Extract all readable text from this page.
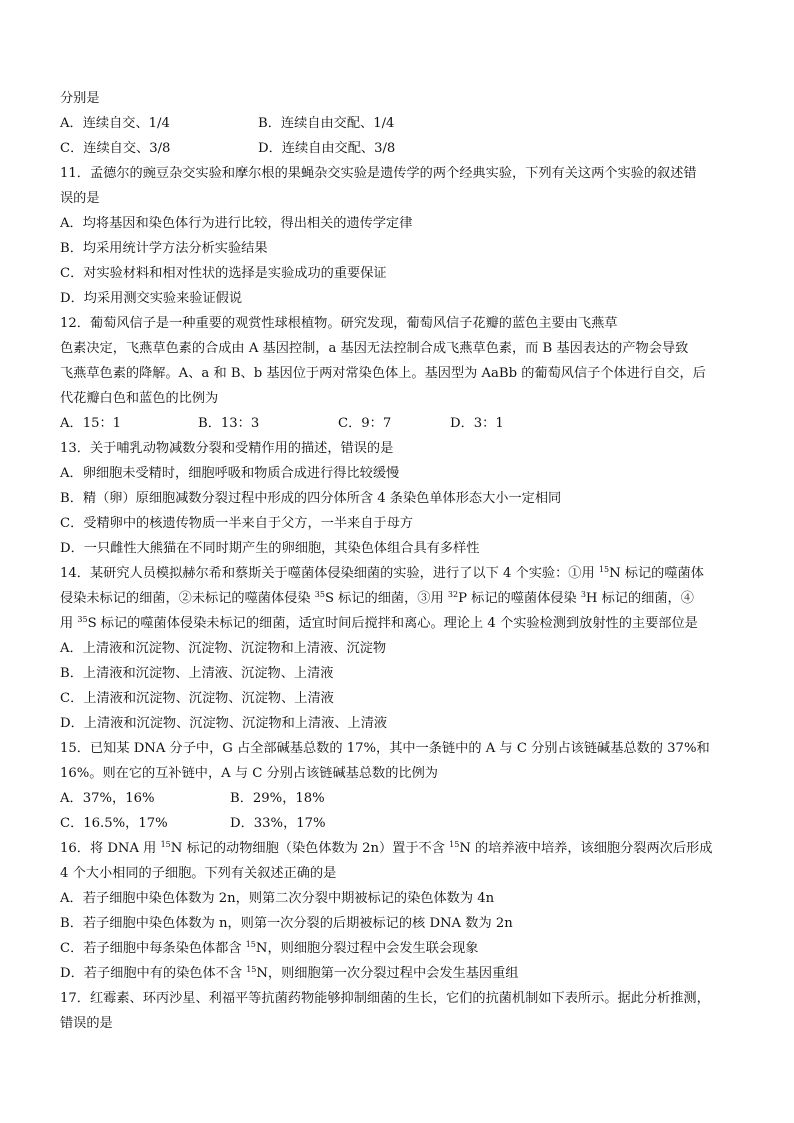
分别是
A．连续自交、1/4	B．连续自由交配、1/4
C．连续自交、3/8	D．连续自由交配、3/8
11．孟德尔的豌豆杂交实验和摩尔根的果蝇杂交实验是遗传学的两个经典实验，下列有关这两个实验的叙述错
误的是
A．均将基因和染色体行为进行比较，得出相关的遗传学定律
B．均采用统计学方法分析实验结果
C．对实验材料和相对性状的选择是实验成功的重要保证
D．均采用测交实验来验证假说
12．葡萄风信子是一种重要的观赏性球根植物。研究发现，葡萄风信子花瓣的蓝色主要由飞燕草
色素决定，飞燕草色素的合成由 A 基因控制，a 基因无法控制合成飞燕草色素，而 B 基因表达的产物会导致
飞燕草色素的降解。A、a 和 B、b 基因位于两对常染色体上。基因型为 AaBb 的葡萄风信子个体进行自交，后
代花瓣白色和蓝色的比例为
A．15：1	B．13：3	C．9：7	D．3：1
13．关于哺乳动物减数分裂和受精作用的描述，错误的是
A．卵细胞未受精时，细胞呼吸和物质合成进行得比较缓慢
B．精（卵）原细胞减数分裂过程中形成的四分体所含 4 条染色单体形态大小一定相同
C．受精卵中的核遗传物质一半来自于父方，一半来自于母方
D．一只雌性大熊猫在不同时期产生的卵细胞，其染色体组合具有多样性
14．某研究人员模拟赫尔希和蔡斯关于噬菌体侵染细菌的实验，进行了以下 4 个实验：①用 $^{15}$N 标记的噬菌体
侵染未标记的细菌，②未标记的噬菌体侵染 $^{35}$S 标记的细菌，③用 $^{32}$P 标记的噬菌体侵染 $^3$H 标记的细菌，④
用 $^{35}$S 标记的噬菌体侵染未标记的细菌，适宜时间后搅拌和离心。理论上 4 个实验检测到放射性的主要部位是
A．上清液和沉淀物、沉淀物、沉淀物和上清液、沉淀物
B．上清液和沉淀物、上清液、沉淀物、上清液
C．上清液和沉淀物、沉淀物、沉淀物、上清液
D．上清液和沉淀物、沉淀物、沉淀物和上清液、上清液
15．已知某 DNA 分子中，G 占全部碱基总数的 17%，其中一条链中的 A 与 C 分别占该链碱基总数的 37%和
16%。则在它的互补链中，A 与 C 分别占该链碱基总数的比例为
A．37%，16%	B．29%，18%
C．16.5%，17%	D．33%，17%
16．将 DNA 用 $^{15}$N 标记的动物细胞（染色体数为 2n）置于不含 $^{15}$N 的培养液中培养，该细胞分裂两次后形成
4 个大小相同的子细胞。下列有关叙述正确的是
A．若子细胞中染色体数为 2n，则第二次分裂中期被标记的染色体数为 4n
B．若子细胞中染色体数为 n，则第一次分裂的后期被标记的核 DNA 数为 2n
C．若子细胞中每条染色体都含 $^{15}$N，则细胞分裂过程中会发生联会现象
D．若子细胞中有的染色体不含 $^{15}$N，则细胞第一次分裂过程中会发生基因重组
17．红霉素、环丙沙星、利福平等抗菌药物能够抑制细菌的生长，它们的抗菌机制如下表所示。据此分析推测，
错误的是
